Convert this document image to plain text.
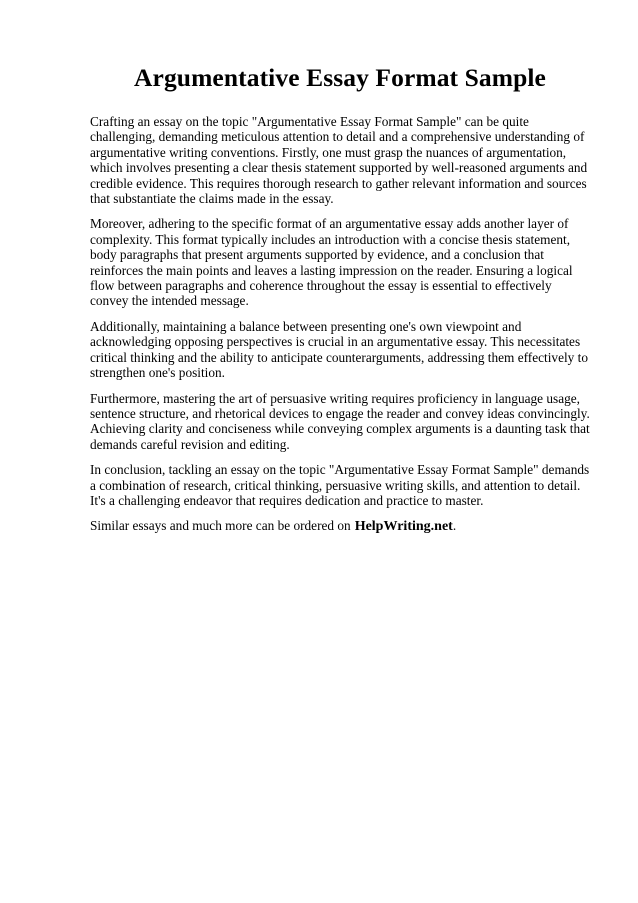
Argumentative Essay Format Sample

Crafting an essay on the topic "Argumentative Essay Format Sample" can be quite challenging, demanding meticulous attention to detail and a comprehensive understanding of argumentative writing conventions. Firstly, one must grasp the nuances of argumentation, which involves presenting a clear thesis statement supported by well-reasoned arguments and credible evidence. This requires thorough research to gather relevant information and sources that substantiate the claims made in the essay.

Moreover, adhering to the specific format of an argumentative essay adds another layer of complexity. This format typically includes an introduction with a concise thesis statement, body paragraphs that present arguments supported by evidence, and a conclusion that reinforces the main points and leaves a lasting impression on the reader. Ensuring a logical flow between paragraphs and coherence throughout the essay is essential to effectively convey the intended message.

Additionally, maintaining a balance between presenting one's own viewpoint and acknowledging opposing perspectives is crucial in an argumentative essay. This necessitates critical thinking and the ability to anticipate counterarguments, addressing them effectively to strengthen one's position.

Furthermore, mastering the art of persuasive writing requires proficiency in language usage, sentence structure, and rhetorical devices to engage the reader and convey ideas convincingly. Achieving clarity and conciseness while conveying complex arguments is a daunting task that demands careful revision and editing.

In conclusion, tackling an essay on the topic "Argumentative Essay Format Sample" demands a combination of research, critical thinking, persuasive writing skills, and attention to detail. It's a challenging endeavor that requires dedication and practice to master.

Similar essays and much more can be ordered on HelpWriting.net.
